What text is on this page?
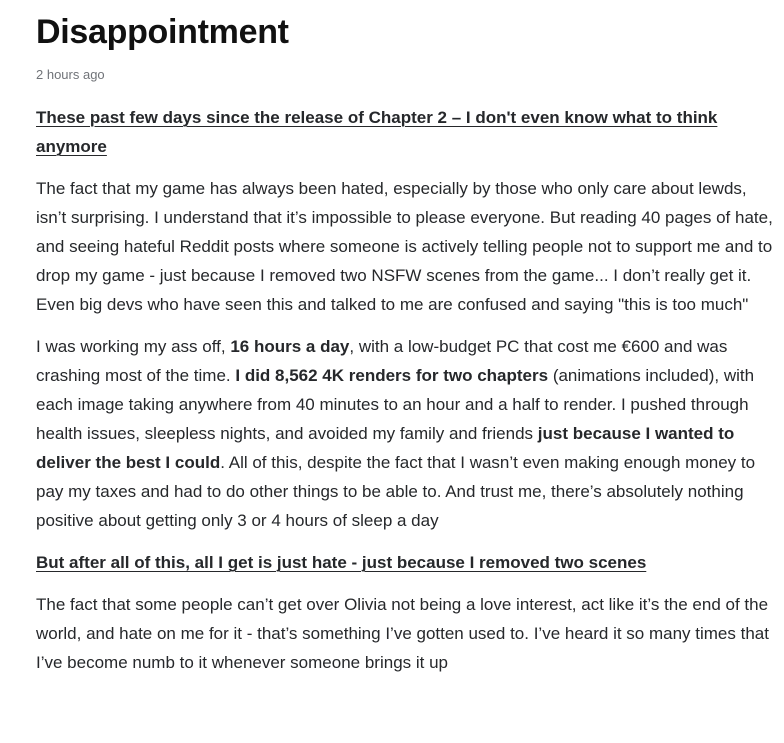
Disappointment
2 hours ago

These past few days since the release of Chapter 2 – I don't even know what to think anymore

The fact that my game has always been hated, especially by those who only care about lewds, isn’t surprising. I understand that it’s impossible to please everyone. But reading 40 pages of hate, and seeing hateful Reddit posts where someone is actively telling people not to support me and to drop my game - just because I removed two NSFW scenes from the game... I don’t really get it. Even big devs who have seen this and talked to me are confused and saying "this is too much"

I was working my ass off, 16 hours a day, with a low-budget PC that cost me €600 and was crashing most of the time. I did 8,562 4K renders for two chapters (animations included), with each image taking anywhere from 40 minutes to an hour and a half to render. I pushed through health issues, sleepless nights, and avoided my family and friends just because I wanted to deliver the best I could. All of this, despite the fact that I wasn’t even making enough money to pay my taxes and had to do other things to be able to. And trust me, there’s absolutely nothing positive about getting only 3 or 4 hours of sleep a day

But after all of this, all I get is just hate - just because I removed two scenes

The fact that some people can’t get over Olivia not being a love interest, act like it’s the end of the world, and hate on me for it - that’s something I’ve gotten used to. I’ve heard it so many times that I’ve become numb to it whenever someone brings it up
